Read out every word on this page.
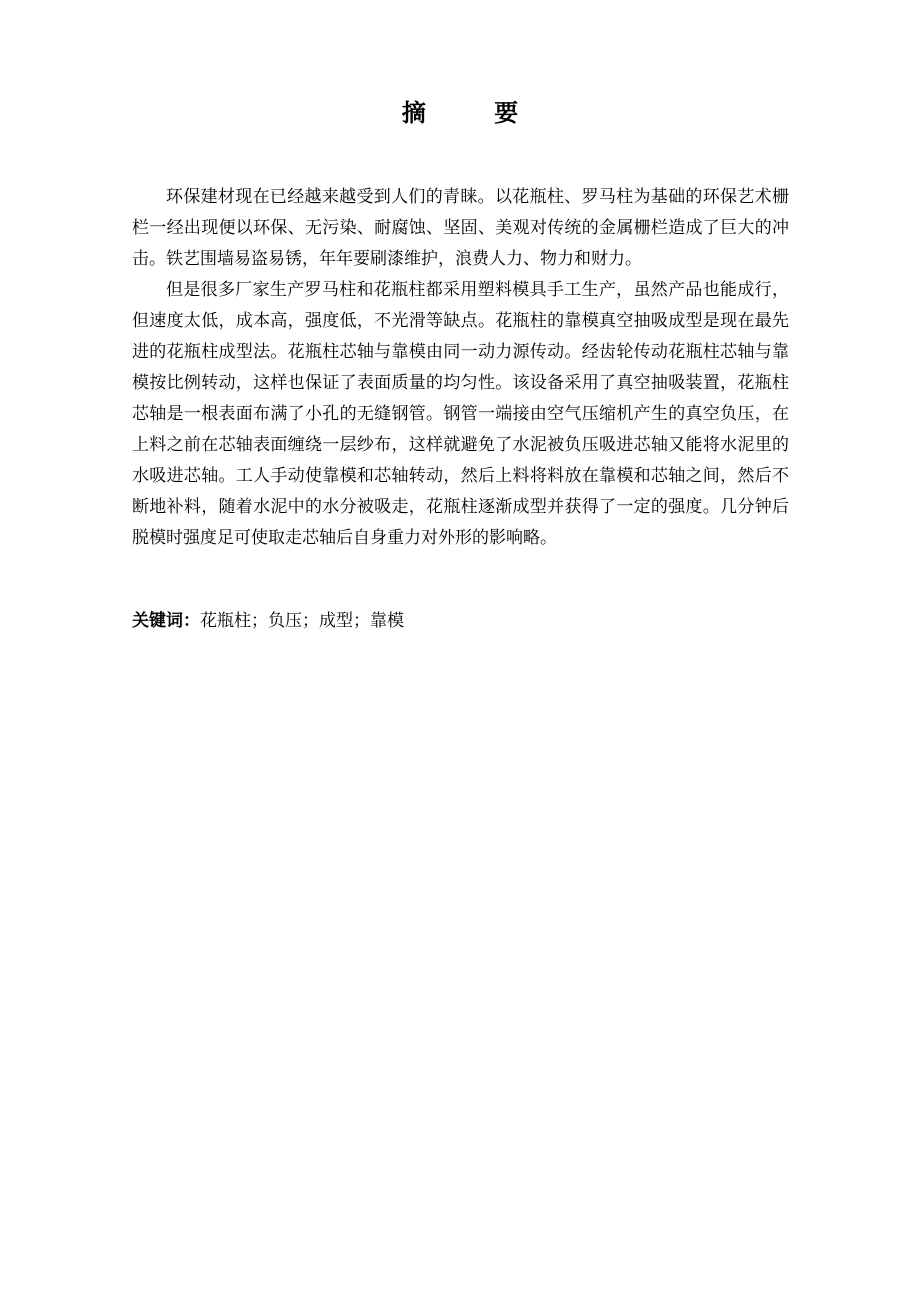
摘 要

环保建材现在已经越来越受到人们的青睐。以花瓶柱、罗马柱为基础的环保艺术栅栏一经出现便以环保、无污染、耐腐蚀、坚固、美观对传统的金属栅栏造成了巨大的冲击。铁艺围墙易盗易锈，年年要刷漆维护，浪费人力、物力和财力。

但是很多厂家生产罗马柱和花瓶柱都采用塑料模具手工生产，虽然产品也能成行，但速度太低，成本高，强度低，不光滑等缺点。花瓶柱的靠模真空抽吸成型是现在最先进的花瓶柱成型法。花瓶柱芯轴与靠模由同一动力源传动。经齿轮传动花瓶柱芯轴与靠模按比例转动，这样也保证了表面质量的均匀性。该设备采用了真空抽吸装置，花瓶柱芯轴是一根表面布满了小孔的无缝钢管。钢管一端接由空气压缩机产生的真空负压，在上料之前在芯轴表面缠绕一层纱布，这样就避免了水泥被负压吸进芯轴又能将水泥里的水吸进芯轴。工人手动使靠模和芯轴转动，然后上料将料放在靠模和芯轴之间，然后不断地补料，随着水泥中的水分被吸走，花瓶柱逐渐成型并获得了一定的强度。几分钟后脱模时强度足可使取走芯轴后自身重力对外形的影响略。

关键词：花瓶柱；负压；成型；靠模
